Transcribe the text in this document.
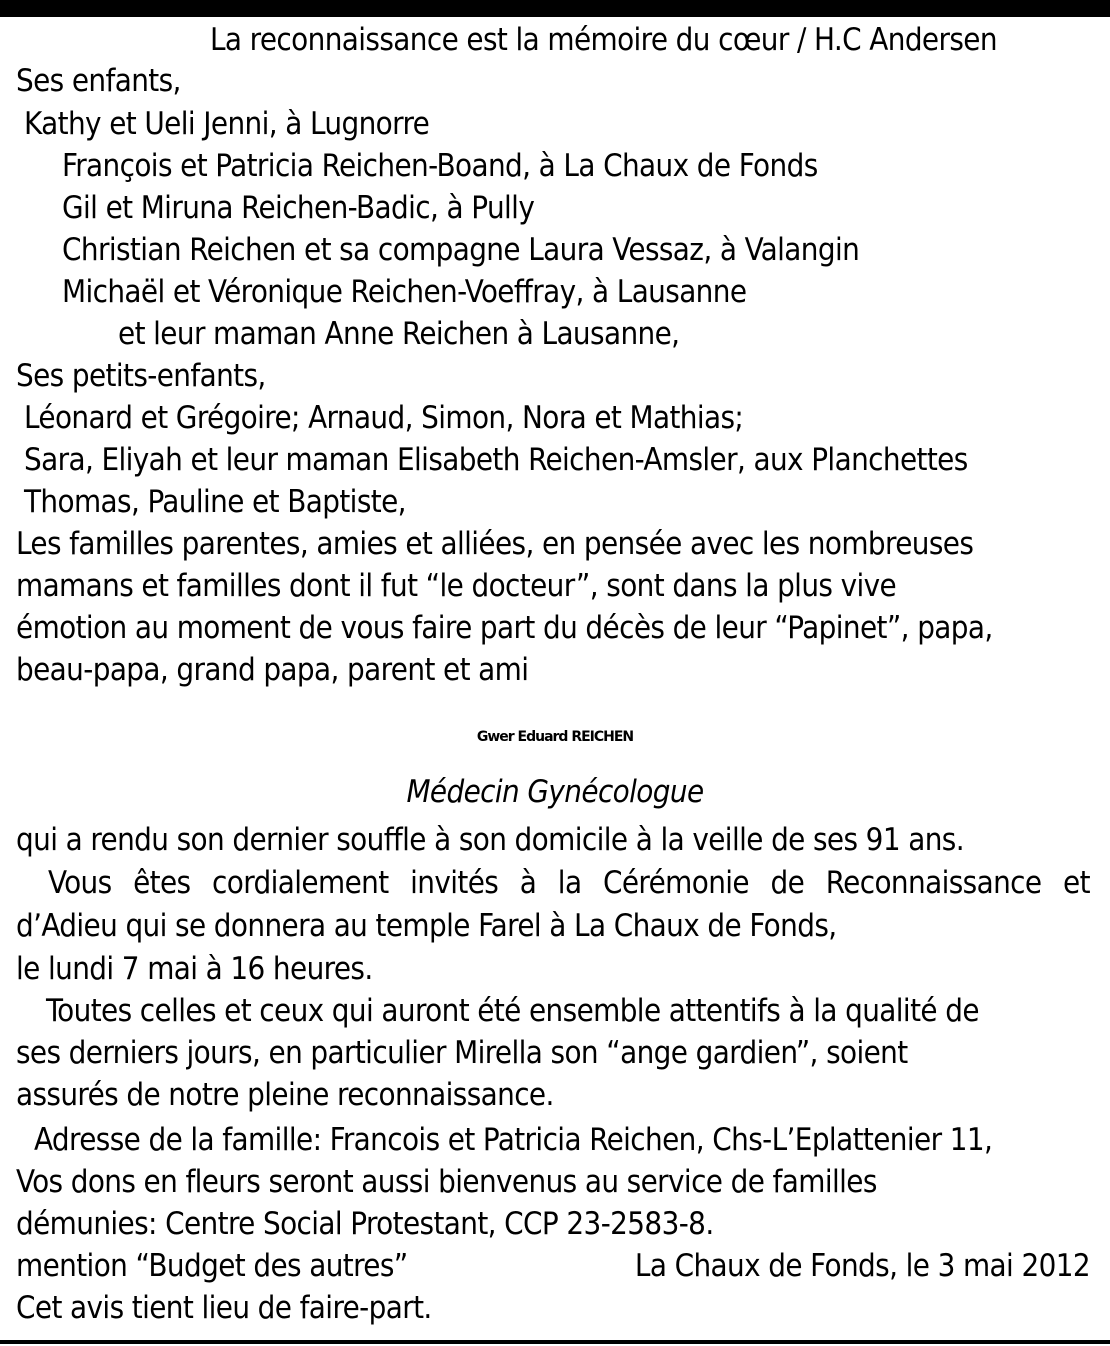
La reconnaissance est la mémoire du cœur / H.C Andersen
Ses enfants,
Kathy et Ueli Jenni, à Lugnorre
François et Patricia Reichen-Boand, à La Chaux de Fonds
Gil et Miruna Reichen-Badic, à Pully
Christian Reichen et sa compagne Laura Vessaz, à Valangin
Michaël et Véronique Reichen-Voeffray, à Lausanne
et leur maman Anne Reichen à Lausanne,
Ses petits-enfants,
Léonard et Grégoire; Arnaud, Simon, Nora et Mathias;
Sara, Eliyah et leur maman Elisabeth Reichen-Amsler, aux Planchettes
Thomas, Pauline et Baptiste,
Les familles parentes, amies et alliées, en pensée avec les nombreuses
mamans et familles dont il fut “le docteur”, sont dans la plus vive
émotion au moment de vous faire part du décès de leur “Papinet”, papa,
beau-papa, grand papa, parent et ami
Gwer Eduard REICHEN
Médecin Gynécologue
qui a rendu son dernier souffle à son domicile à la veille de ses 91 ans.
Vous êtes cordialement invités à la Cérémonie de Reconnaissance et
d’Adieu qui se donnera au temple Farel à La Chaux de Fonds,
le lundi 7 mai à 16 heures.
Toutes celles et ceux qui auront été ensemble attentifs à la qualité de
ses derniers jours, en particulier Mirella son “ange gardien”, soient
assurés de notre pleine reconnaissance.
Adresse de la famille: Francois et Patricia Reichen, Chs-L’Eplattenier 11,
Vos dons en fleurs seront aussi bienvenus au service de familles
démunies: Centre Social Protestant, CCP 23-2583-8.
mention “Budget des autres”	La Chaux de Fonds, le 3 mai 2012
Cet avis tient lieu de faire-part.
